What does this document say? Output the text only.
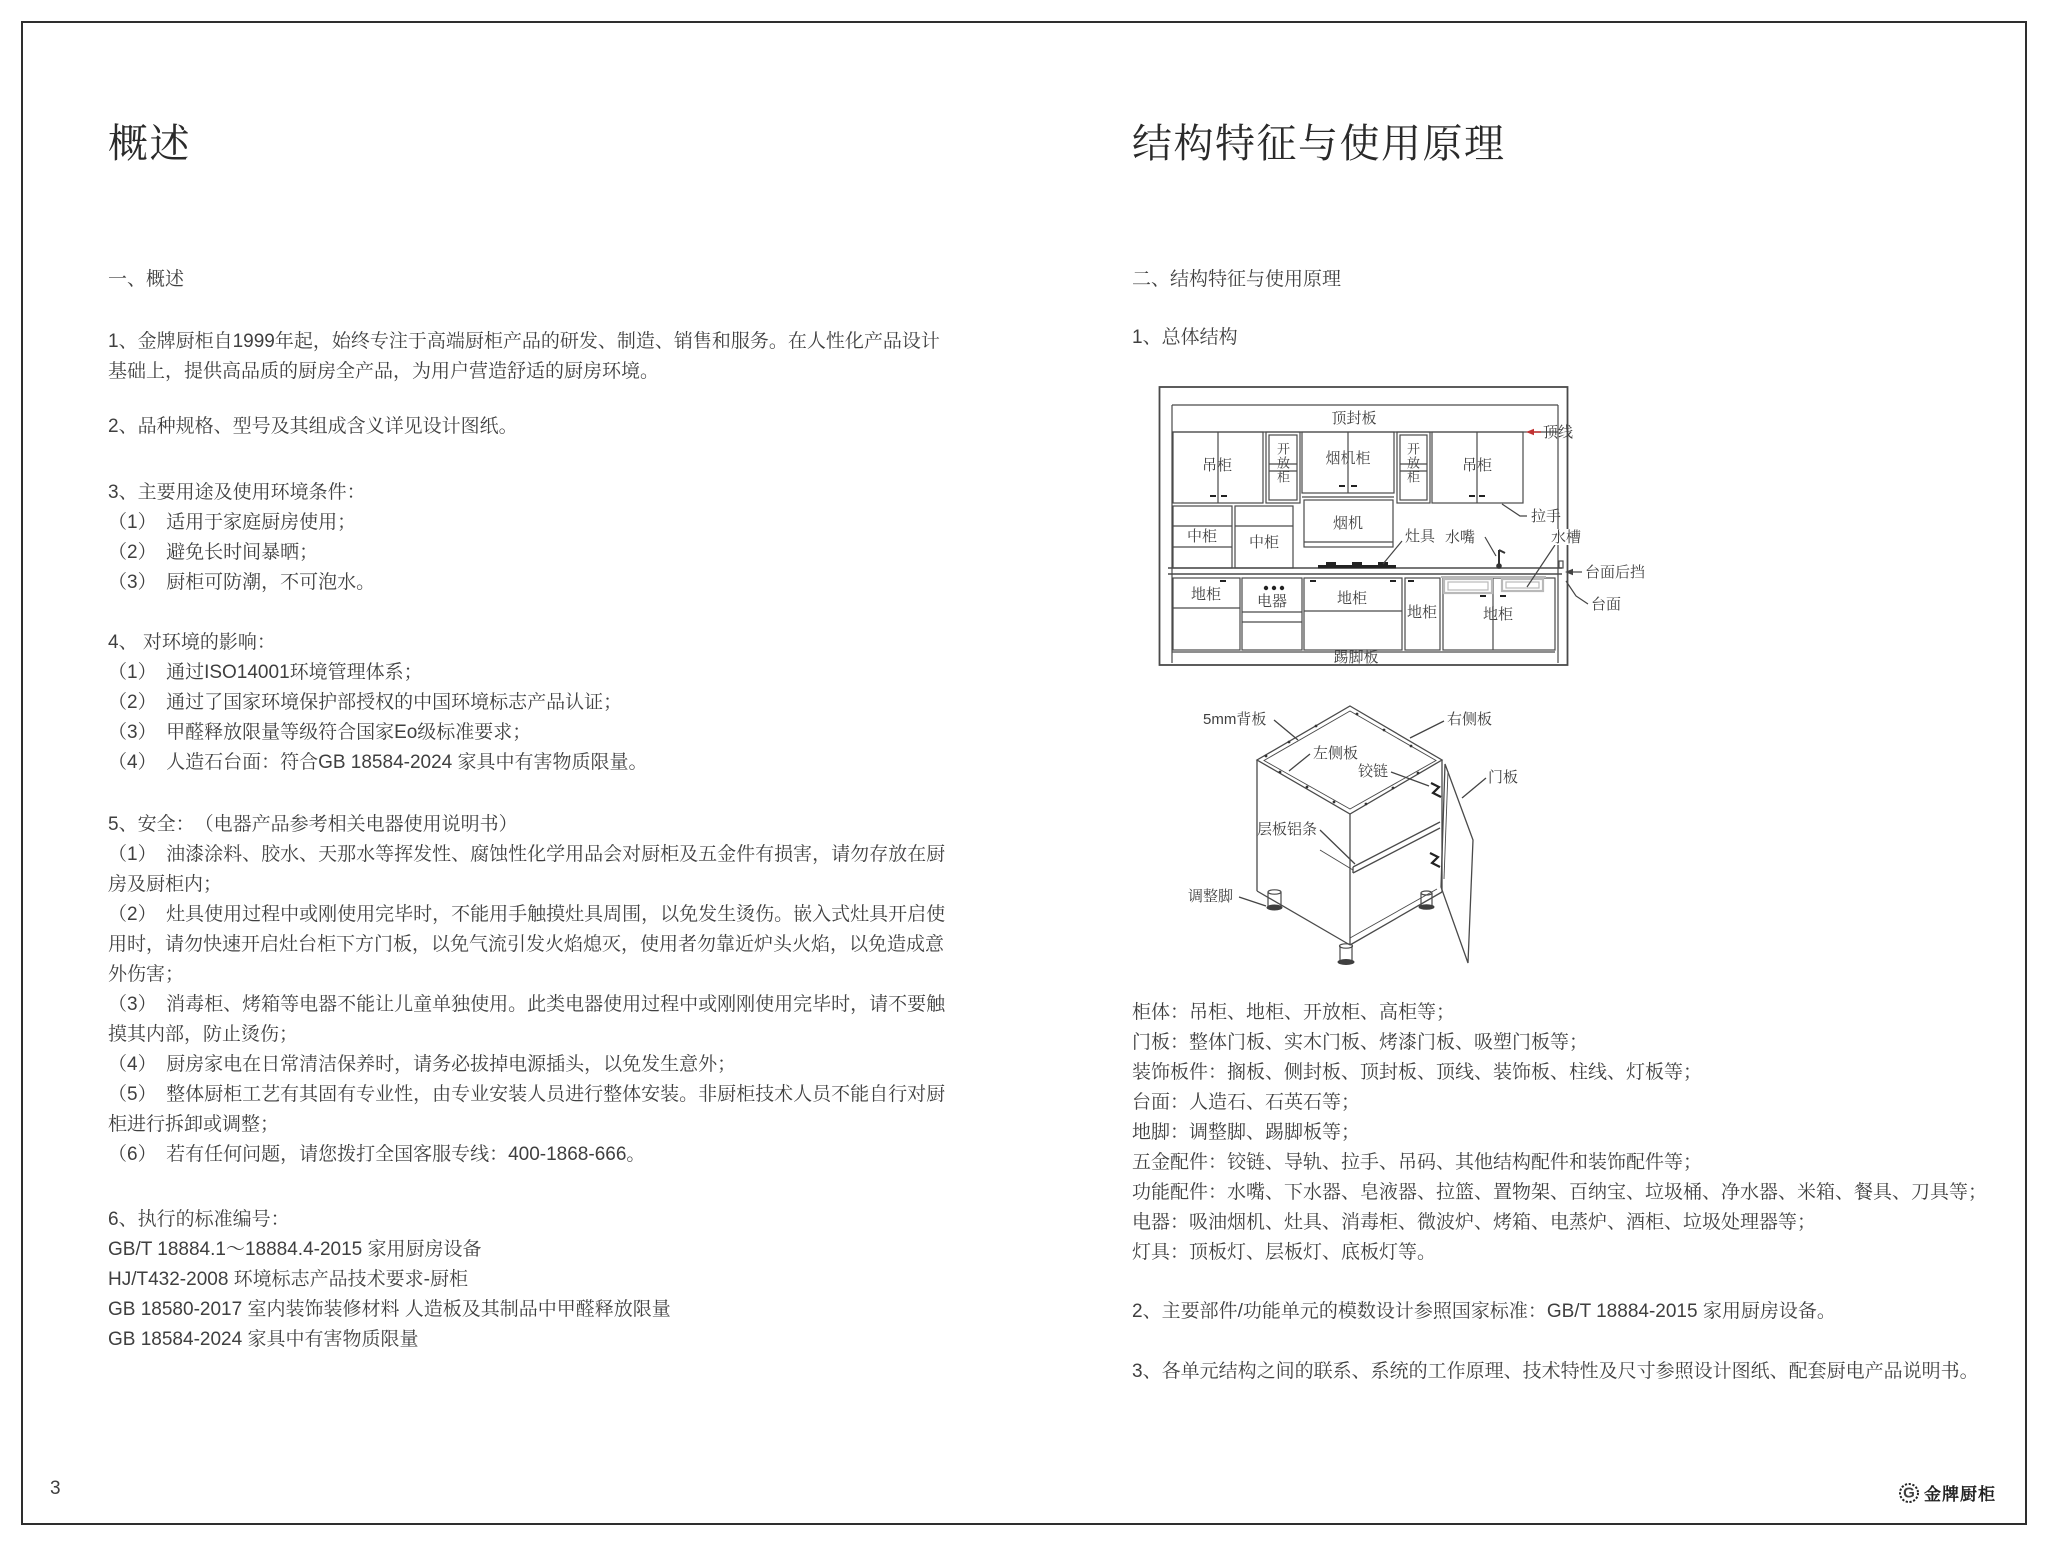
概述
一、概述
1、金牌厨柜自1999年起，始终专注于高端厨柜产品的研发、制造、销售和服务。在人性化产品设计基础上，提供高品质的厨房全产品，为用户营造舒适的厨房环境。
2、品种规格、型号及其组成含义详见设计图纸。
3、主要用途及使用环境条件：
（1）　适用于家庭厨房使用；
（2）　避免长时间暴晒；
（3）　厨柜可防潮，不可泡水。
4、 对环境的影响：
（1）　通过ISO14001环境管理体系；
（2）　通过了国家环境保护部授权的中国环境标志产品认证；
（3）　甲醛释放限量等级符合国家Eo级标准要求；
（4）　人造石台面：符合GB 18584-2024 家具中有害物质限量。
5、安全：　（电器产品参考相关电器使用说明书）
（1）　油漆涂料、胶水、天那水等挥发性、腐蚀性化学用品会对厨柜及五金件有损害，请勿存放在厨房及厨柜内；
（2）　灶具使用过程中或刚使用完毕时，不能用手触摸灶具周围，以免发生烫伤。嵌入式灶具开启使用时，请勿快速开启灶台柜下方门板，以免气流引发火焰熄灭，使用者勿靠近炉头火焰，以免造成意外伤害；
（3）　消毒柜、烤箱等电器不能让儿童单独使用。此类电器使用过程中或刚刚使用完毕时，请不要触摸其内部，防止烫伤；
（4）　厨房家电在日常清洁保养时，请务必拔掉电源插头，以免发生意外；
（5）　整体厨柜工艺有其固有专业性，由专业安装人员进行整体安装。非厨柜技术人员不能自行对厨柜进行拆卸或调整；
（6）　若有任何问题，请您拨打全国客服专线：400-1868-666。
6、执行的标准编号：
GB/T 18884.1～18884.4-2015 家用厨房设备
HJ/T432-2008 环境标志产品技术要求-厨柜
GB 18580-2017 室内装饰装修材料 人造板及其制品中甲醛释放限量
GB 18584-2024 家具中有害物质限量
3
结构特征与使用原理
二、结构特征与使用原理
1、总体结构
顶封板
吊柜	烟机柜	吊柜
中柜 中柜
烟机
地柜 电器	地柜
地柜	地柜
踢脚板
顶线
拉手
灶具 水嘴	水槽
台面后挡
台面
开放柜	开放柜
5mm背板	右侧板
左侧板
铰链	门板
层板铝条
调整脚
柜体：吊柜、地柜、开放柜、高柜等；
门板：整体门板、实木门板、烤漆门板、吸塑门板等；
装饰板件：搁板、侧封板、顶封板、顶线、装饰板、柱线、灯板等；
台面：人造石、石英石等；
地脚：调整脚、踢脚板等；
五金配件：铰链、导轨、拉手、吊码、其他结构配件和装饰配件等；
功能配件：水嘴、下水器、皂液器、拉篮、置物架、百纳宝、垃圾桶、净水器、米箱、餐具、刀具等；
电器：吸油烟机、灶具、消毒柜、微波炉、烤箱、电蒸炉、酒柜、垃圾处理器等；
灯具：顶板灯、层板灯、底板灯等。
2、主要部件/功能单元的模数设计参照国家标准：GB/T 18884-2015 家用厨房设备。
3、各单元结构之间的联系、系统的工作原理、技术特性及尺寸参照设计图纸、配套厨电产品说明书。
G 金牌厨柜
